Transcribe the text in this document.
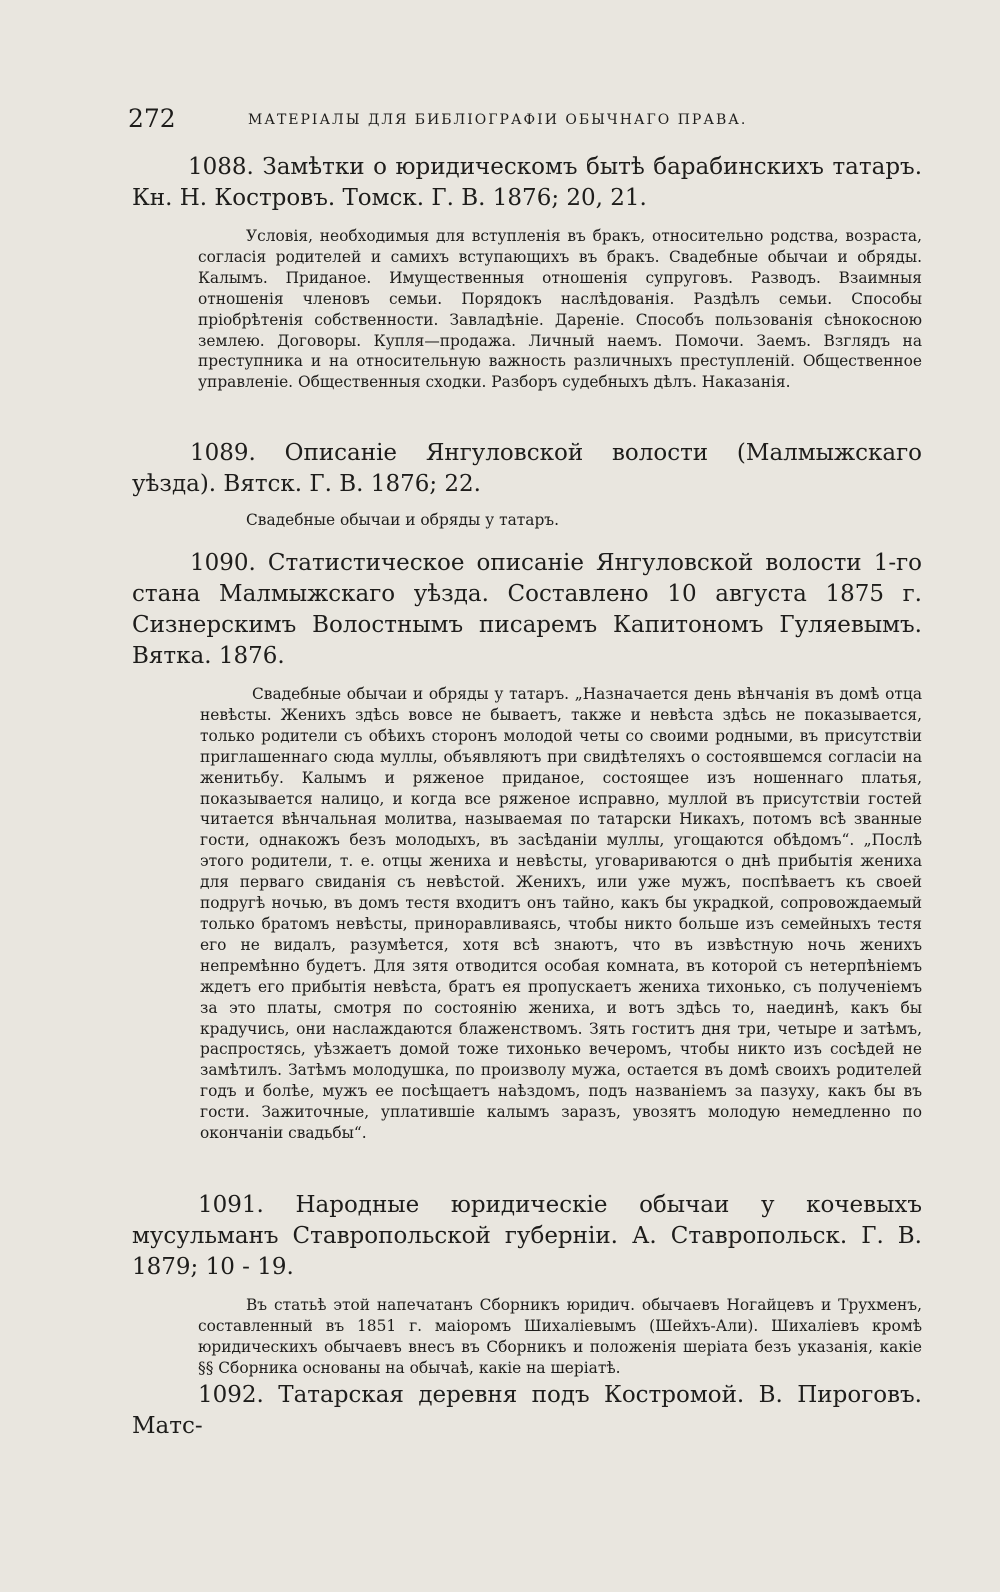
272	МАТЕРІАЛЫ ДЛЯ БИБЛІОГРАФІИ ОБЫЧНАГО ПРАВА.

1088. Замѣтки о юридическомъ бытѣ барабинскихъ татаръ. Кн. Н. Костровъ. Томск. Г. В. 1876; 20, 21.

Условія, необходимыя для вступленія въ бракъ, относительно родства, возраста, согласія родителей и самихъ вступающихъ въ бракъ. Свадебные обычаи и обряды. Калымъ. Приданое. Имущественныя отношенія супруговъ. Разводъ. Взаимныя отношенія членовъ семьи. Порядокъ наслѣдованія. Раздѣлъ семьи. Способы пріобрѣтенія собственности. Завладѣніе. Дареніе. Способъ пользованія сѣнокосною землею. Договоры. Купля—продажа. Личный наемъ. Помочи. Заемъ. Взглядъ на преступника и на относительную важность различныхъ преступленій. Общественное управленіе. Общественныя сходки. Разборъ судебныхъ дѣлъ. Наказанія.

1089. Описаніе Янгуловской волости (Малмыжскаго уѣзда). Вятск. Г. В. 1876; 22.

Свадебные обычаи и обряды у татаръ.

1090. Статистическое описаніе Янгуловской волости 1-го стана Малмыжскаго уѣзда. Составлено 10 августа 1875 г. Сизнерскимъ Волостнымъ писаремъ Капитономъ Гуляевымъ. Вятка. 1876.

Свадебные обычаи и обряды у татаръ. „Назначается день вѣнчанія въ домѣ отца невѣсты. Женихъ здѣсь вовсе не бываетъ, также и невѣста здѣсь не показывается, только родители съ обѣихъ сторонъ молодой четы со своими родными, въ присутствіи приглашеннаго сюда муллы, объявляютъ при свидѣтеляхъ о состоявшемся согласіи на женитьбу. Калымъ и ряженое приданое, состоящее изъ ношеннаго платья, показывается налицо, и когда все ряженое исправно, муллой въ присутствіи гостей читается вѣнчальная молитва, называемая по татарски Никахъ, потомъ всѣ званные гости, однакожъ безъ молодыхъ, въ засѣданіи муллы, угощаются обѣдомъ“. „Послѣ этого родители, т. е. отцы жениха и невѣсты, уговариваются о днѣ прибытія жениха для перваго свиданія съ невѣстой. Женихъ, или уже мужъ, поспѣваетъ къ своей подругѣ ночью, въ домъ тестя входитъ онъ тайно, какъ бы украдкой, сопровождаемый только братомъ невѣсты, приноравливаясь, чтобы никто больше изъ семейныхъ тестя его не видалъ, разумѣется, хотя всѣ знаютъ, что въ извѣстную ночь женихъ непремѣнно будетъ. Для зятя отводится особая комната, въ которой съ нетерпѣніемъ ждетъ его прибытія невѣста, братъ ея пропускаетъ жениха тихонько, съ полученіемъ за это платы, смотря по состоянію жениха, и вотъ здѣсь то, наединѣ, какъ бы крадучись, они наслаждаются блаженствомъ. Зять гоститъ дня три, четыре и затѣмъ, распростясь, уѣзжаетъ домой тоже тихонько вечеромъ, чтобы никто изъ сосѣдей не замѣтилъ. Затѣмъ молодушка, по произволу мужа, остается въ домѣ своихъ родителей годъ и болѣе, мужъ ее посѣщаетъ наѣздомъ, подъ названіемъ за пазуху, какъ бы въ гости. Зажиточные, уплатившіе калымъ заразъ, увозятъ молодую немедленно по окончаніи свадьбы“.

1091. Народные юридическіе обычаи у кочевыхъ мусульманъ Ставропольской губерніи. А. Ставропольск. Г. В. 1879; 10 - 19.

Въ статьѣ этой напечатанъ Сборникъ юридич. обычаевъ Ногайцевъ и Трухменъ, составленный въ 1851 г. маіоромъ Шихаліевымъ (Шейхъ-Али). Шихаліевъ кромѣ юридическихъ обычаевъ внесъ въ Сборникъ и положенія шеріата безъ указанія, какіе §§ Сборника основаны на обычаѣ, какіе на шеріатѣ.

1092. Татарская деревня подъ Костромой. В. Пироговъ. Матс-
